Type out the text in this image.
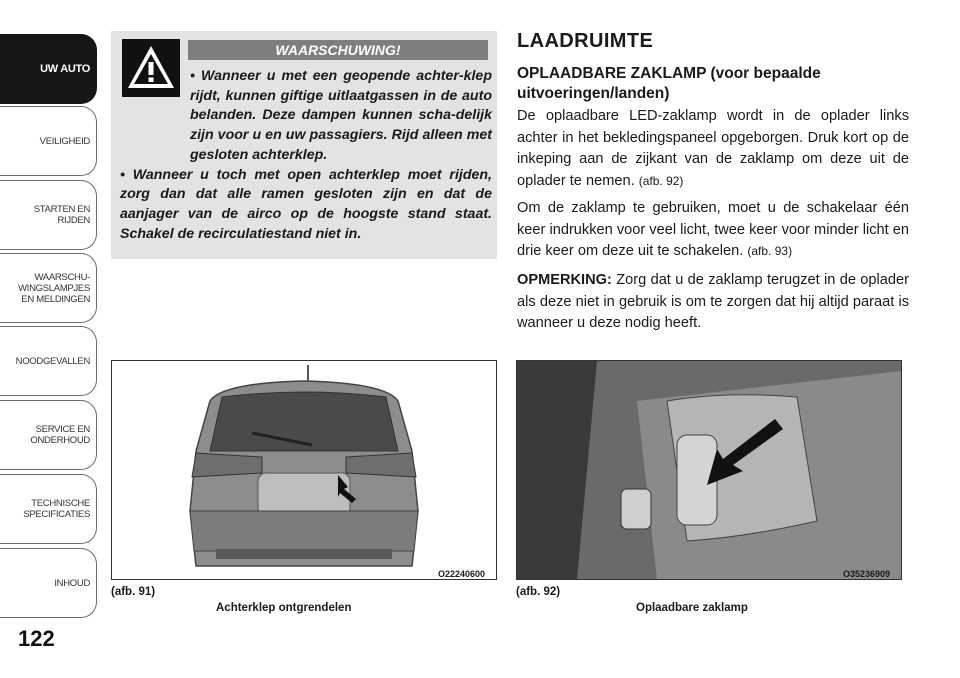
UW AUTO
VEILIGHEID
STARTEN EN
RIJDEN
WAARSCHU-
WINGSLAMPJES
EN MELDINGEN
NOODGEVALLEN
SERVICE EN
ONDERHOUD
TECHNISCHE
SPECIFICATIES
INHOUD
122
WAARSCHUWING!

• Wanneer u met een geopende achter-klep rijdt, kunnen giftige uitlaatgassen in de auto belanden. Deze dampen kunnen scha-delijk zijn voor u en uw passagiers. Rijd alleen met gesloten achterklep.

• Wanneer u toch met open achterklep moet rijden, zorg dan dat alle ramen gesloten zijn en dat de aanjager van de airco op de hoogste stand staat. Schakel de recirculatiestand niet in.

LAADRUIMTE
OPLAADBARE ZAKLAMP (voor bepaalde uitvoeringen/landen)
De oplaadbare LED-zaklamp wordt in de oplader links achter in het bekledingspaneel opgeborgen. Druk kort op de inkeping aan de zijkant van de zaklamp om deze uit de oplader te nemen. (afb. 92)
Om de zaklamp te gebruiken, moet u de schakelaar één keer indrukken voor veel licht, twee keer voor minder licht en drie keer om deze uit te schakelen. (afb. 93)
OPMERKING: Zorg dat u de zaklamp terugzet in de oplader als deze niet in gebruik is om te zorgen dat hij altijd paraat is wanneer u deze nodig heeft.
O22240600
(afb. 91)
Achterklep ontgrendelen
O35236909
(afb. 92)
Oplaadbare zaklamp
